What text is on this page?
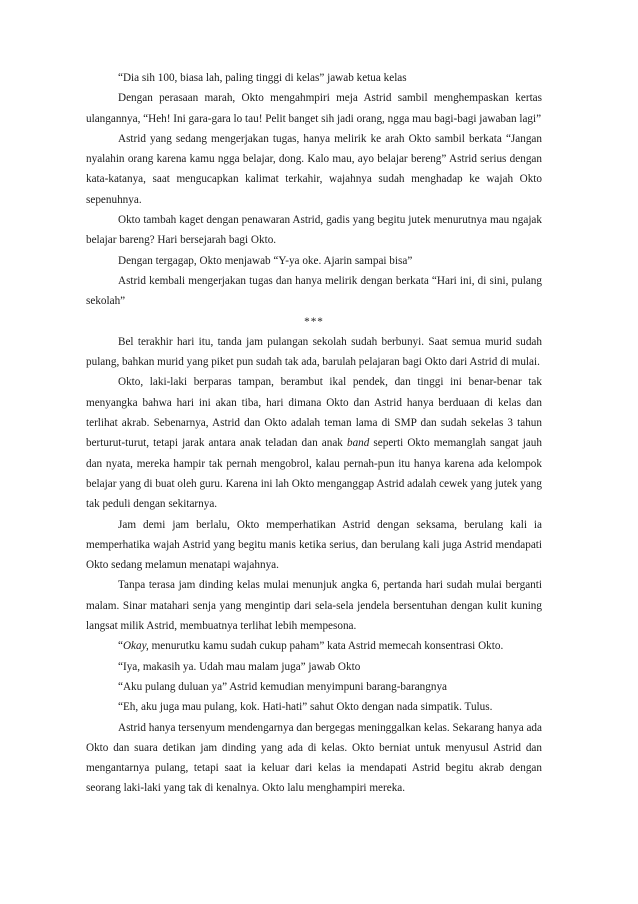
“Dia sih 100, biasa lah, paling tinggi di kelas” jawab ketua kelas

Dengan perasaan marah, Okto mengahmpiri meja Astrid sambil menghempaskan kertas ulangannya, “Heh! Ini gara-gara lo tau! Pelit banget sih jadi orang, ngga mau bagi-bagi jawaban lagi”

Astrid yang sedang mengerjakan tugas, hanya melirik ke arah Okto sambil berkata “Jangan nyalahin orang karena kamu ngga belajar, dong. Kalo mau, ayo belajar bereng” Astrid serius dengan kata-katanya, saat mengucapkan kalimat terkahir, wajahnya sudah menghadap ke wajah Okto sepenuhnya.

Okto tambah kaget dengan penawaran Astrid, gadis yang begitu jutek menurutnya mau ngajak belajar bareng? Hari bersejarah bagi Okto.

Dengan tergagap, Okto menjawab “Y-ya oke. Ajarin sampai bisa”

Astrid kembali mengerjakan tugas dan hanya melirik dengan berkata “Hari ini, di sini, pulang sekolah”

***

Bel terakhir hari itu, tanda jam pulangan sekolah sudah berbunyi. Saat semua murid sudah pulang, bahkan murid yang piket pun sudah tak ada, barulah pelajaran bagi Okto dari Astrid di mulai.

Okto, laki-laki berparas tampan, berambut ikal pendek, dan tinggi ini benar-benar tak menyangka bahwa hari ini akan tiba, hari dimana Okto dan Astrid hanya berduaan di kelas dan terlihat akrab. Sebenarnya, Astrid dan Okto adalah teman lama di SMP dan sudah sekelas 3 tahun berturut-turut, tetapi jarak antara anak teladan dan anak band seperti Okto memanglah sangat jauh dan nyata, mereka hampir tak pernah mengobrol, kalau pernah-pun itu hanya karena ada kelompok belajar yang di buat oleh guru. Karena ini lah Okto menganggap Astrid adalah cewek yang jutek yang tak peduli dengan sekitarnya.

Jam demi jam berlalu, Okto memperhatikan Astrid dengan seksama, berulang kali ia memperhatika wajah Astrid yang begitu manis ketika serius, dan berulang kali juga Astrid mendapati Okto sedang melamun menatapi wajahnya.

Tanpa terasa jam dinding kelas mulai menunjuk angka 6, pertanda hari sudah mulai berganti malam. Sinar matahari senja yang mengintip dari sela-sela jendela bersentuhan dengan kulit kuning langsat milik Astrid, membuatnya terlihat lebih mempesona.

“Okay, menurutku kamu sudah cukup paham” kata Astrid memecah konsentrasi Okto.

“Iya, makasih ya. Udah mau malam juga” jawab Okto

“Aku pulang duluan ya” Astrid kemudian menyimpuni barang-barangnya

“Eh, aku juga mau pulang, kok. Hati-hati” sahut Okto dengan nada simpatik. Tulus.

Astrid hanya tersenyum mendengarnya dan bergegas meninggalkan kelas. Sekarang hanya ada Okto dan suara detikan jam dinding yang ada di kelas. Okto berniat untuk menyusul Astrid dan mengantarnya pulang, tetapi saat ia keluar dari kelas ia mendapati Astrid begitu akrab dengan seorang laki-laki yang tak di kenalnya. Okto lalu menghampiri mereka.
